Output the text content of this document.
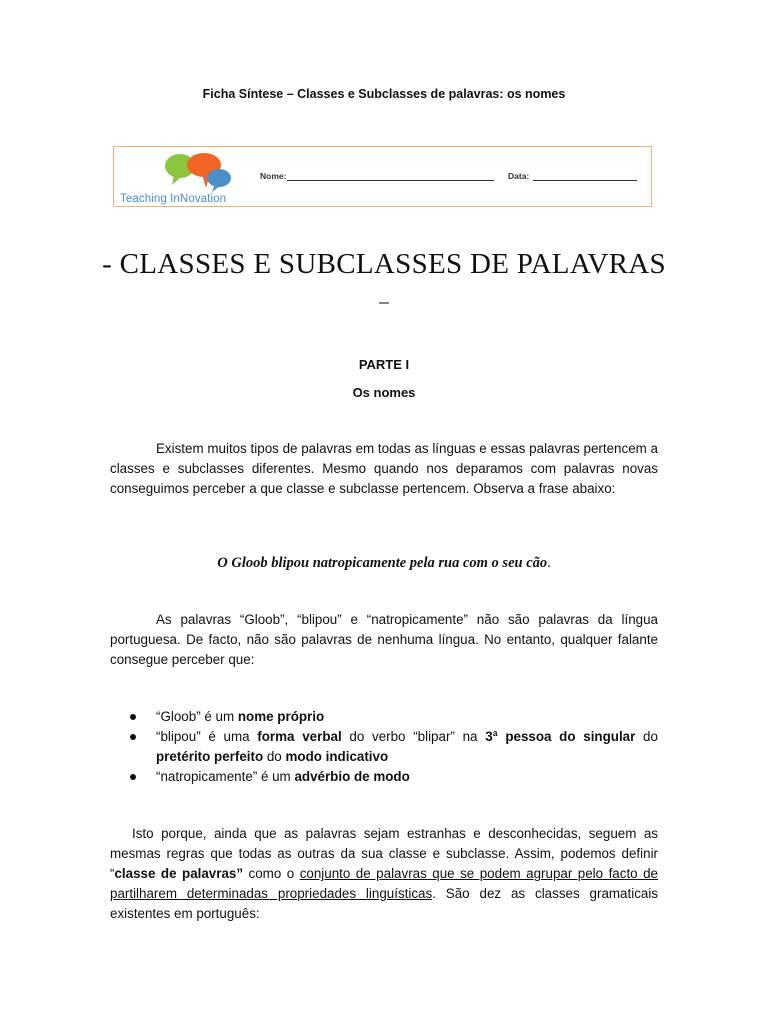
Ficha Síntese – Classes e Subclasses de palavras: os nomes
Teaching InNovation
Nome:	Data:
- CLASSES E SUBCLASSES DE PALAVRAS
_
PARTE I
Os nomes
Existem muitos tipos de palavras em todas as línguas e essas palavras pertencem a classes e subclasses diferentes. Mesmo quando nos deparamos com palavras novas conseguimos perceber a que classe e subclasse pertencem. Observa a frase abaixo:
O Gloob blipou natropicamente pela rua com o seu cão.
As palavras “Gloob”, “blipou” e “natropicamente” não são palavras da língua portuguesa. De facto, não são palavras de nenhuma língua. No entanto, qualquer falante consegue perceber que:
“Gloob” é um nome próprio
“blipou” é uma forma verbal do verbo “blipar” na 3ª pessoa do singular do pretérito perfeito do modo indicativo
“natropicamente” é um advérbio de modo
Isto porque, ainda que as palavras sejam estranhas e desconhecidas, seguem as mesmas regras que todas as outras da sua classe e subclasse. Assim, podemos definir “classe de palavras” como o conjunto de palavras que se podem agrupar pelo facto de partilharem determinadas propriedades linguísticas. São dez as classes gramaticais existentes em português:
